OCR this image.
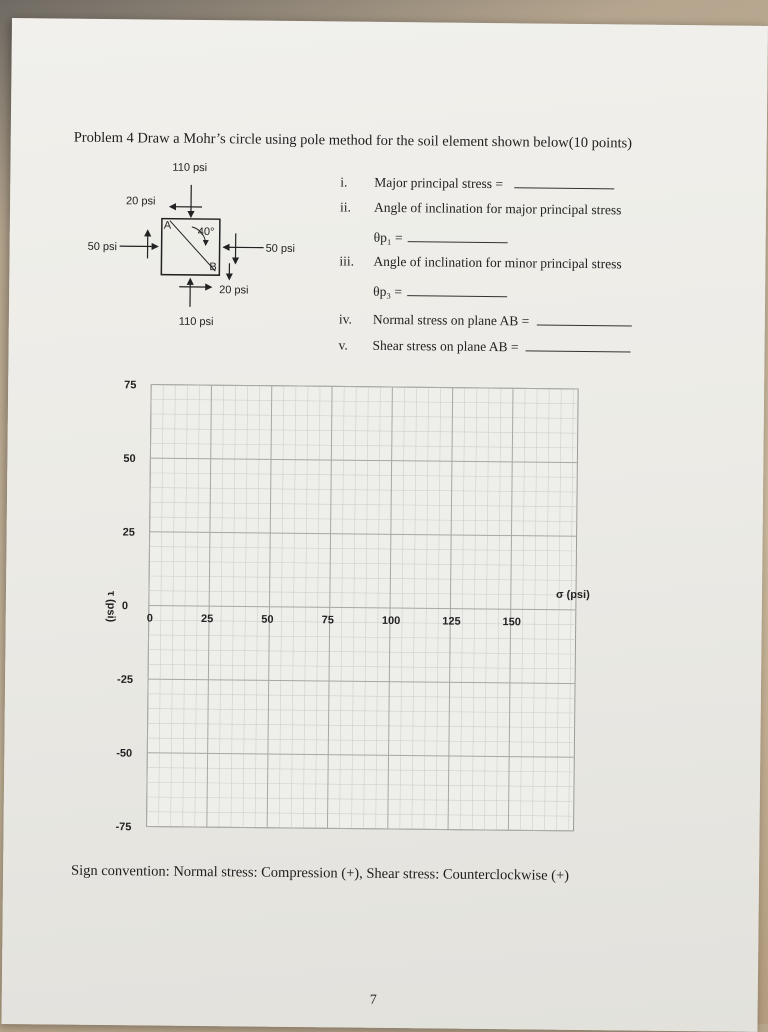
Problem 4 Draw a Mohr’s circle using pole method for the soil element shown below(10 points)
110 psi
20 psi
50 psi	50 psi
20 psi
110 psi
A
B
40°
i. Major principal stress =
ii. Angle of inclination for major principal stress
θp₁ =
iii. Angle of inclination for minor principal stress
θp₃ =
iv. Normal stress on plane AB =
v. Shear stress on plane AB =
0	25	50	75	100	125	150
75
50
25
0
-25
-50
-75
σ (psi)
τ (psi)
Sign convention: Normal stress: Compression (+), Shear stress: Counterclockwise (+)
7
